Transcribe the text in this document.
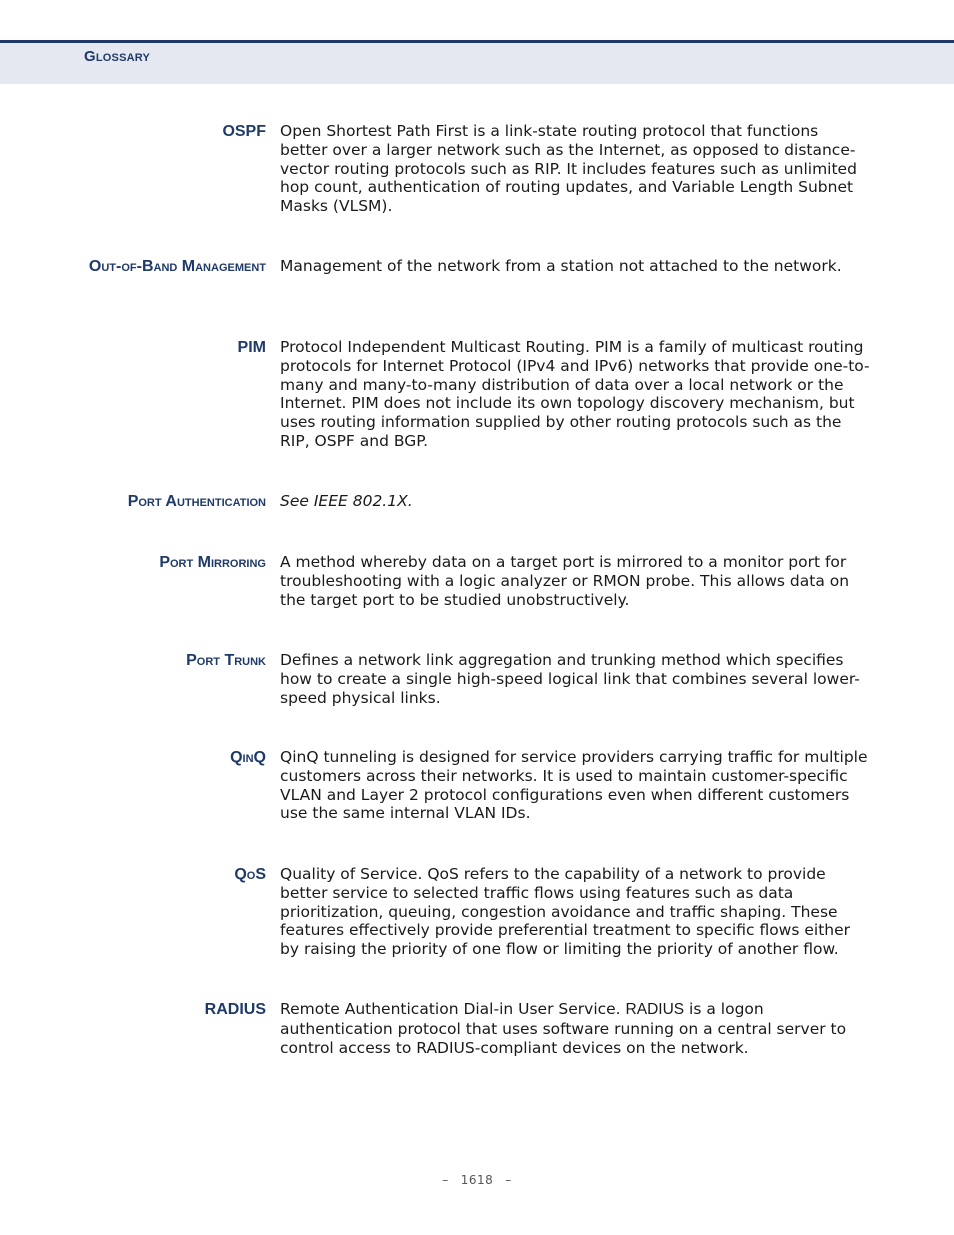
Glossary
OSPF Open Shortest Path First is a link-state routing protocol that functions better over a larger network such as the Internet, as opposed to distance-vector routing protocols such as RIP. It includes features such as unlimited hop count, authentication of routing updates, and Variable Length Subnet Masks (VLSM).
Out-of-Band Management Management of the network from a station not attached to the network.
PIM Protocol Independent Multicast Routing. PIM is a family of multicast routing protocols for Internet Protocol (IPv4 and IPv6) networks that provide one-to-many and many-to-many distribution of data over a local network or the Internet. PIM does not include its own topology discovery mechanism, but uses routing information supplied by other routing protocols such as the RIP, OSPF and BGP.
Port Authentication See IEEE 802.1X.
Port Mirroring A method whereby data on a target port is mirrored to a monitor port for troubleshooting with a logic analyzer or RMON probe. This allows data on the target port to be studied unobstructively.
Port Trunk Defines a network link aggregation and trunking method which specifies how to create a single high-speed logical link that combines several lower-speed physical links.
QinQ QinQ tunneling is designed for service providers carrying traffic for multiple customers across their networks. It is used to maintain customer-specific VLAN and Layer 2 protocol configurations even when different customers use the same internal VLAN IDs.
QoS Quality of Service. QoS refers to the capability of a network to provide better service to selected traffic flows using features such as data prioritization, queuing, congestion avoidance and traffic shaping. These features effectively provide preferential treatment to specific flows either by raising the priority of one flow or limiting the priority of another flow.
RADIUS Remote Authentication Dial-in User Service. RADIUS is a logon authentication protocol that uses software running on a central server to control access to RADIUS-compliant devices on the network.
– 1618 –
